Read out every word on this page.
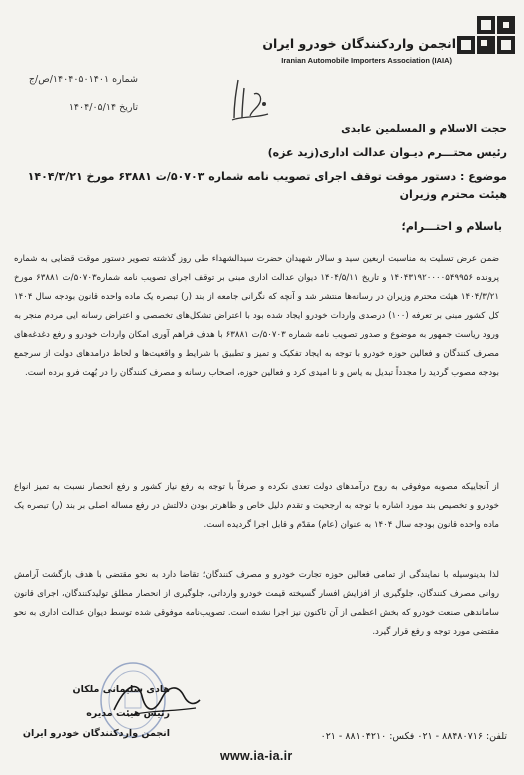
انجمن واردکنندگان خودرو ایران
Iranian Automobile Importers Association (IAIA)
شماره ۱۴۰۴۰۵۰۱۴۰۱/ص/ج
تاریخ ۱۴۰۴/۰۵/۱۴
حجت الاسلام و المسلمین عابدی
رئیس محتـــرم دیـوان عدالت اداری(زید عزه)
موضوع : دستور موقت توقف اجرای تصویب نامه شماره ۵۰۷۰۳/ت ۶۳۸۸۱ مورخ ۱۴۰۴/۳/۲۱
هیئت محترم وزیران
باسلام و احتـــرام؛
ضمن عرض تسلیت به مناسبت اربعین سید و سالار شهیدان حضرت سیدالشهداء طی روز گذشته تصویر دستور موقت قضایی به شماره پرونده ۱۴۰۴۳۱۹۲۰۰۰۰۵۴۹۹۵۶ و تاریخ ۱۴۰۴/۵/۱۱ دیوان عدالت اداری مبنی بر توقف اجرای تصویب نامه شماره۵۰۷۰۳/ت ۶۳۸۸۱ مورخ ۱۴۰۴/۳/۲۱ هیئت محترم وزیران در رسانه‌ها منتشر شد و آنچه که نگرانی جامعه از بند (ر) تبصره یک ماده واحده قانون بودجه سال ۱۴۰۴ کل کشور مبنی بر تعرفه (۱۰۰) درصدی واردات خودرو ایجاد شده بود با اعتراض تشکل‌های تخصصی و اعتراض رسانه ایی مردم منجر به ورود ریاست جمهور به موضوع و صدور تصویب نامه شماره ۵۰۷۰۳/ت ۶۳۸۸۱ با هدف فراهم آوری امکان واردات خودرو و رفع دغدغه‌های مصرف کنندگان و فعالین حوزه خودرو با توجه به ایجاد تفکیک و تمیز و تطبیق با شرایط و واقعیت‌ها و لحاظ درامدهای دولت از سرجمع بودجه مصوب گردید را مجدداً تبدیل به یاس و نا امیدی کرد و فعالین حوزه، اصحاب رسانه و مصرف کنندگان را در بُهت فرو برده است.
از آنجاییکه مصوبه موفوقی به روح درآمدهای دولت تعدی نکرده و صرفاً با توجه به رفع نیاز کشور و رفع انحصار نسبت به تمیز انواع خودرو و تخصیص بند مورد اشاره با توجه به ارجحیت و تقدم دلیل خاص و ظاهرتر بودن دلالتش در رفع مساله اصلی بر بند (ر) تبصره یک ماده واحده قانون بودجه سال ۱۴۰۴ به عنوان (عام) مقدّم و قابل اجرا گردیده است.
لذا بدینوسیله با نمایندگی از تمامی فعالین حوزه تجارت خودرو و مصرف کنندگان؛ تقاضا دارد به نحو مقتضی با هدف بازگشت آرامش روانی مصرف کنندگان، جلوگیری از افزایش افسار گسیخته قیمت خودرو وارداتی، جلوگیری از انحصار مطلق تولیدکنندگان، اجرای قانون ساماندهی صنعت خودرو که بخش اعظمی از آن تاکنون نیز اجرا نشده است. تصویب‌نامه موفوقی شده توسط دیوان عدالت اداری به نحو مقتضی مورد توجه و رفع قرار گیرد.
هادی سلیمانی ملکان
رئیس هیئت مدیره
انجمن واردکنندگان خودرو ایران	تلفن: ۸۸۴۸۰۷۱۶ - ۰۲۱ فکس: ۸۸۱۰۴۲۱۰ - ۰۲۱
www.ia-ia.ir
